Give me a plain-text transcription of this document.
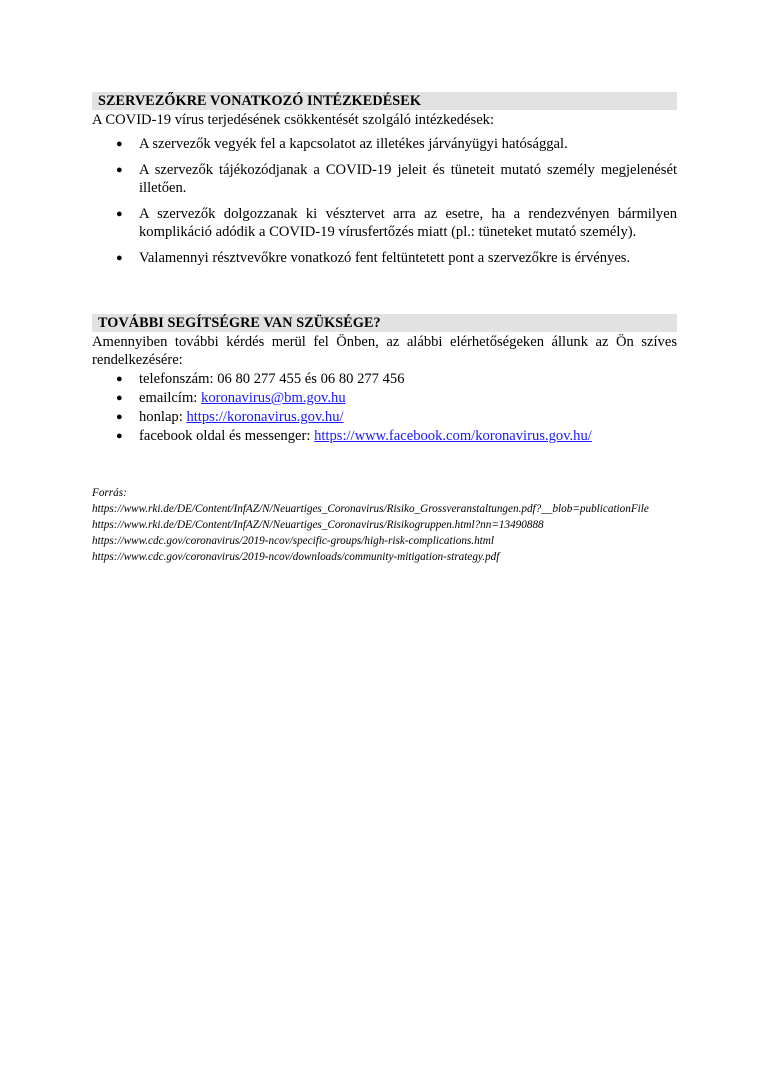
SZERVEZŐKRE VONATKOZÓ INTÉZKEDÉSEK
A COVID-19 vírus terjedésének csökkentését szolgáló intézkedések:
● A szervezők vegyék fel a kapcsolatot az illetékes járványügyi hatósággal.
● A szervezők tájékozódjanak a COVID-19 jeleit és tüneteit mutató személy megjelenését illetően.
● A szervezők dolgozzanak ki vésztervet arra az esetre, ha a rendezvényen bármilyen komplikáció adódik a COVID-19 vírusfertőzés miatt (pl.: tüneteket mutató személy).
● Valamennyi résztvevőkre vonatkozó fent feltüntetett pont a szervezőkre is érvényes.
TOVÁBBI SEGÍTSÉGRE VAN SZÜKSÉGE?
Amennyiben további kérdés merül fel Önben, az alábbi elérhetőségeken állunk az Ön szíves rendelkezésére:
● telefonszám: 06 80 277 455 és 06 80 277 456
● emailcím: koronavirus@bm.gov.hu
● honlap: https://koronavirus.gov.hu/
● facebook oldal és messenger: https://www.facebook.com/koronavirus.gov.hu/
Forrás:
https://www.rki.de/DE/Content/InfAZ/N/Neuartiges_Coronavirus/Risiko_Grossveranstaltungen.pdf?__blob=publicationFile
https://www.rki.de/DE/Content/InfAZ/N/Neuartiges_Coronavirus/Risikogruppen.html?nn=13490888
https://www.cdc.gov/coronavirus/2019-ncov/specific-groups/high-risk-complications.html
https://www.cdc.gov/coronavirus/2019-ncov/downloads/community-mitigation-strategy.pdf
